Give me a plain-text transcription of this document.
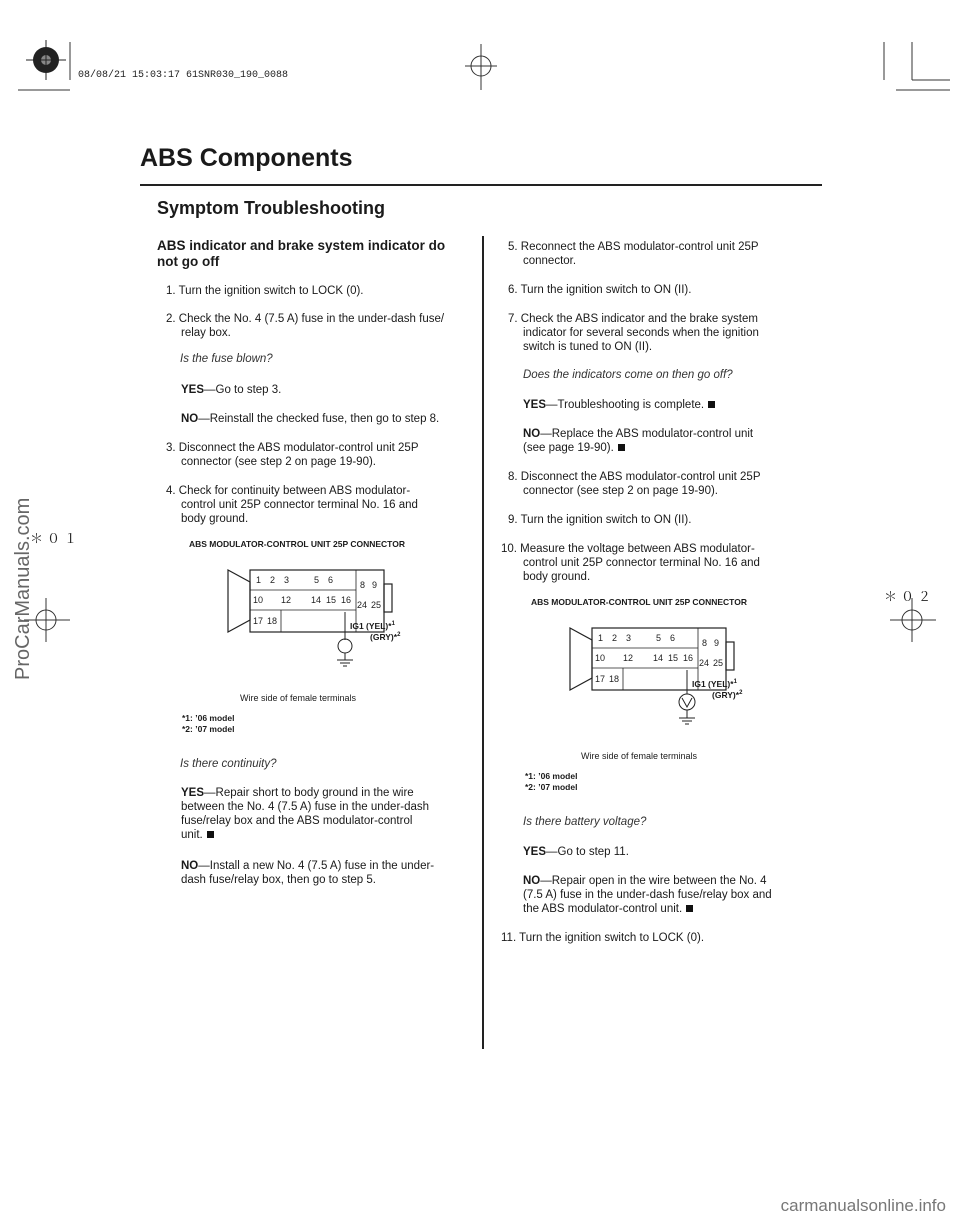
08/08/21 15:03:17 61SNR030_190_0088
ABS Components
Symptom Troubleshooting
＊０１
＊０２
ProCarManuals.com
carmanualsonline.info
ABS indicator and brake system indicator do
not go off
1. Turn the ignition switch to LOCK (0).
2. Check the No. 4 (7.5 A) fuse in the under-dash fuse/
relay box.
Is the fuse blown?
YES—Go to step 3.
NO—Reinstall the checked fuse, then go to step 8.
3. Disconnect the ABS modulator-control unit 25P
connector (see step 2 on page 19-90).
4. Check for continuity between ABS modulator-
control unit 25P connector terminal No. 16 and
body ground.
ABS MODULATOR-CONTROL UNIT 25P CONNECTOR
1 2 3	5 6	8 9
10 12 14 15 16 24 25
17 18	IG1 (YEL)*$^1$
(GRY)*$^2$
Wire side of female terminals
*1: ’06 model
*2: ’07 model
Is there continuity?
YES—Repair short to body ground in the wire
between the No. 4 (7.5 A) fuse in the under-dash
fuse/relay box and the ABS modulator-control
unit.
NO—Install a new No. 4 (7.5 A) fuse in the under-
dash fuse/relay box, then go to step 5.
5. Reconnect the ABS modulator-control unit 25P
connector.
6. Turn the ignition switch to ON (II).
7. Check the ABS indicator and the brake system
indicator for several seconds when the ignition
switch is tuned to ON (II).
Does the indicators come on then go off?
YES—Troubleshooting is complete.
NO—Replace the ABS modulator-control unit
(see page 19-90).
8. Disconnect the ABS modulator-control unit 25P
connector (see step 2 on page 19-90).
9. Turn the ignition switch to ON (II).
10. Measure the voltage between ABS modulator-
control unit 25P connector terminal No. 16 and
body ground.
ABS MODULATOR-CONTROL UNIT 25P CONNECTOR
1 2 3	5 6	8 9
10 12 14 15 16 24 25
17 18	IG1 (YEL)*$^1$
(GRY)*$^2$
Wire side of female terminals
*1: ’06 model
*2: ’07 model
Is there battery voltage?
YES—Go to step 11.
NO—Repair open in the wire between the No. 4
(7.5 A) fuse in the under-dash fuse/relay box and
the ABS modulator-control unit.
11. Turn the ignition switch to LOCK (0).
